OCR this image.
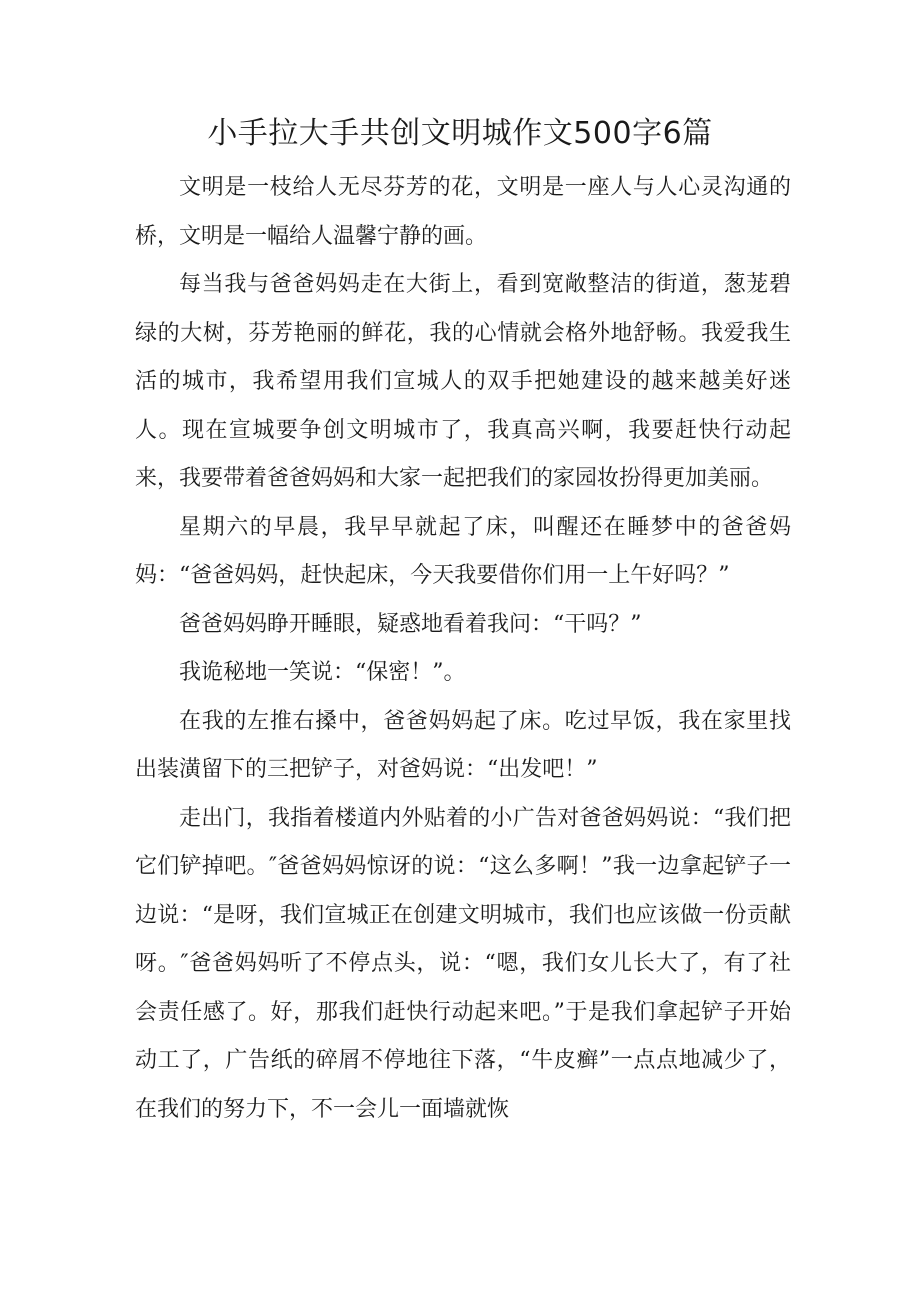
小手拉大手共创文明城作文500字6篇

文明是一枝给人无尽芬芳的花，文明是一座人与人心灵沟通的桥，文明是一幅给人温馨宁静的画。

每当我与爸爸妈妈走在大街上，看到宽敞整洁的街道，葱茏碧绿的大树，芬芳艳丽的鲜花，我的心情就会格外地舒畅。我爱我生活的城市，我希望用我们宣城人的双手把她建设的越来越美好迷人。现在宣城要争创文明城市了，我真高兴啊，我要赶快行动起来，我要带着爸爸妈妈和大家一起把我们的家园妆扮得更加美丽。

星期六的早晨，我早早就起了床，叫醒还在睡梦中的爸爸妈妈：“爸爸妈妈，赶快起床，今天我要借你们用一上午好吗？”

爸爸妈妈睁开睡眼，疑惑地看着我问：“干吗？”

我诡秘地一笑说：“保密！”。

在我的左推右搡中，爸爸妈妈起了床。吃过早饭，我在家里找出装潢留下的三把铲子，对爸妈说：“出发吧！”

走出门，我指着楼道内外贴着的小广告对爸爸妈妈说：“我们把它们铲掉吧。″爸爸妈妈惊讶的说：“这么多啊！”我一边拿起铲子一边说：“是呀，我们宣城正在创建文明城市，我们也应该做一份贡献呀。″爸爸妈妈听了不停点头，说：“嗯，我们女儿长大了，有了社会责任感了。好，那我们赶快行动起来吧。”于是我们拿起铲子开始动工了，广告纸的碎屑不停地往下落，“牛皮癣”一点点地减少了，在我们的努力下，不一会儿一面墙就恢
